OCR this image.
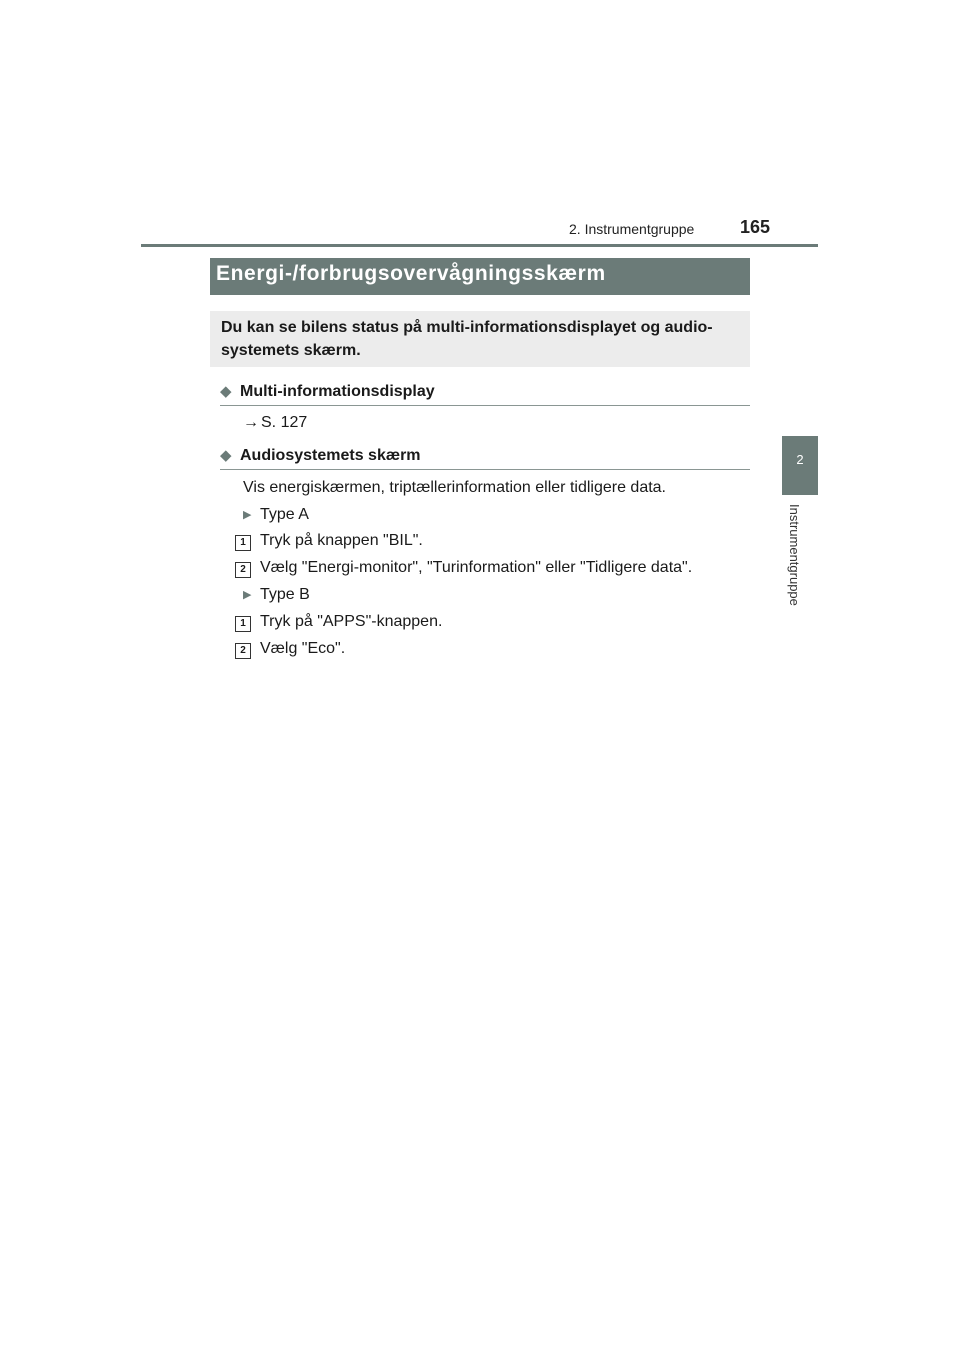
2. Instrumentgruppe	165
2
Instrumentgruppe
Energi-/forbrugsovervågningsskærm
Du kan se bilens status på multi-informationsdisplayet og audio-systemets skærm.
◆ Multi-informationsdisplay
→ S. 127
◆ Audiosystemets skærm
Vis energiskærmen, triptællerinformation eller tidligere data.
▶ Type A
1 Tryk på knappen "BIL".
2 Vælg "Energi-monitor", "Turinformation" eller "Tidligere data".
▶ Type B
1 Tryk på "APPS"-knappen.
2 Vælg "Eco".
